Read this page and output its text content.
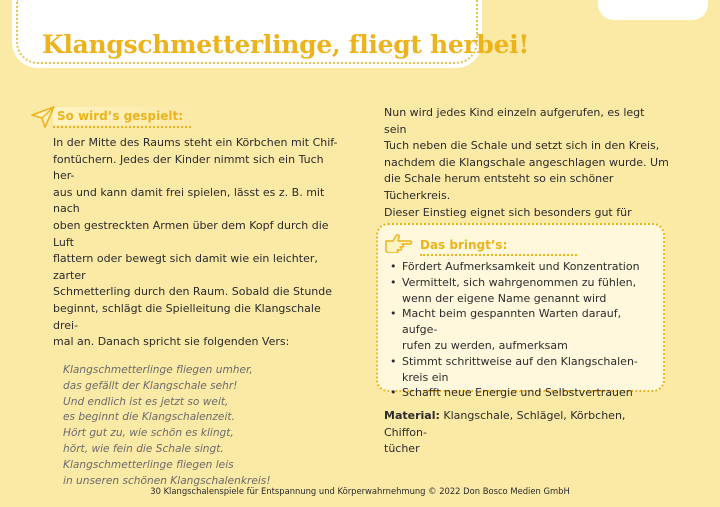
Klangschmetterlinge, fliegt herbei!
So wird’s gespielt:
In der Mitte des Raums steht ein Körbchen mit Chif-
fontüchern. Jedes der Kinder nimmt sich ein Tuch her-
aus und kann damit frei spielen, lässt es z. B. mit nach
oben gestreckten Armen über dem Kopf durch die Luft
flattern oder bewegt sich damit wie ein leichter, zarter
Schmetterling durch den Raum. Sobald die Stunde
beginnt, schlägt die Spielleitung die Klangschale drei-
mal an. Danach spricht sie folgenden Vers:
Klangschmetterlinge fliegen umher,
das gefällt der Klangschale sehr!
Und endlich ist es jetzt so weit,
es beginnt die Klangschalenzeit.
Hört gut zu, wie schön es klingt,
hört, wie fein die Schale singt.
Klangschmetterlinge fliegen leis
in unseren schönen Klangschalenkreis!
Nun wird jedes Kind einzeln aufgerufen, es legt sein
Tuch neben die Schale und setzt sich in den Kreis,
nachdem die Klangschale angeschlagen wurde. Um
die Schale herum entsteht so ein schöner Tücherkreis.
Dieser Einstieg eignet sich besonders gut für
Das bringt’s:
• Fördert Aufmerksamkeit und Konzentration
• Vermittelt, sich wahrgenommen zu fühlen,
wenn der eigene Name genannt wird
• Macht beim gespannten Warten darauf, aufge-
rufen zu werden, aufmerksam
• Stimmt schrittweise auf den Klangschalen-
kreis ein
• Schafft neue Energie und Selbstvertrauen

Material: Klangschale, Schlägel, Körbchen, Chiffon-
tücher

30 Klangschalenspiele für Entspannung und Körperwahrnehmung © 2022 Don Bosco Medien GmbH
